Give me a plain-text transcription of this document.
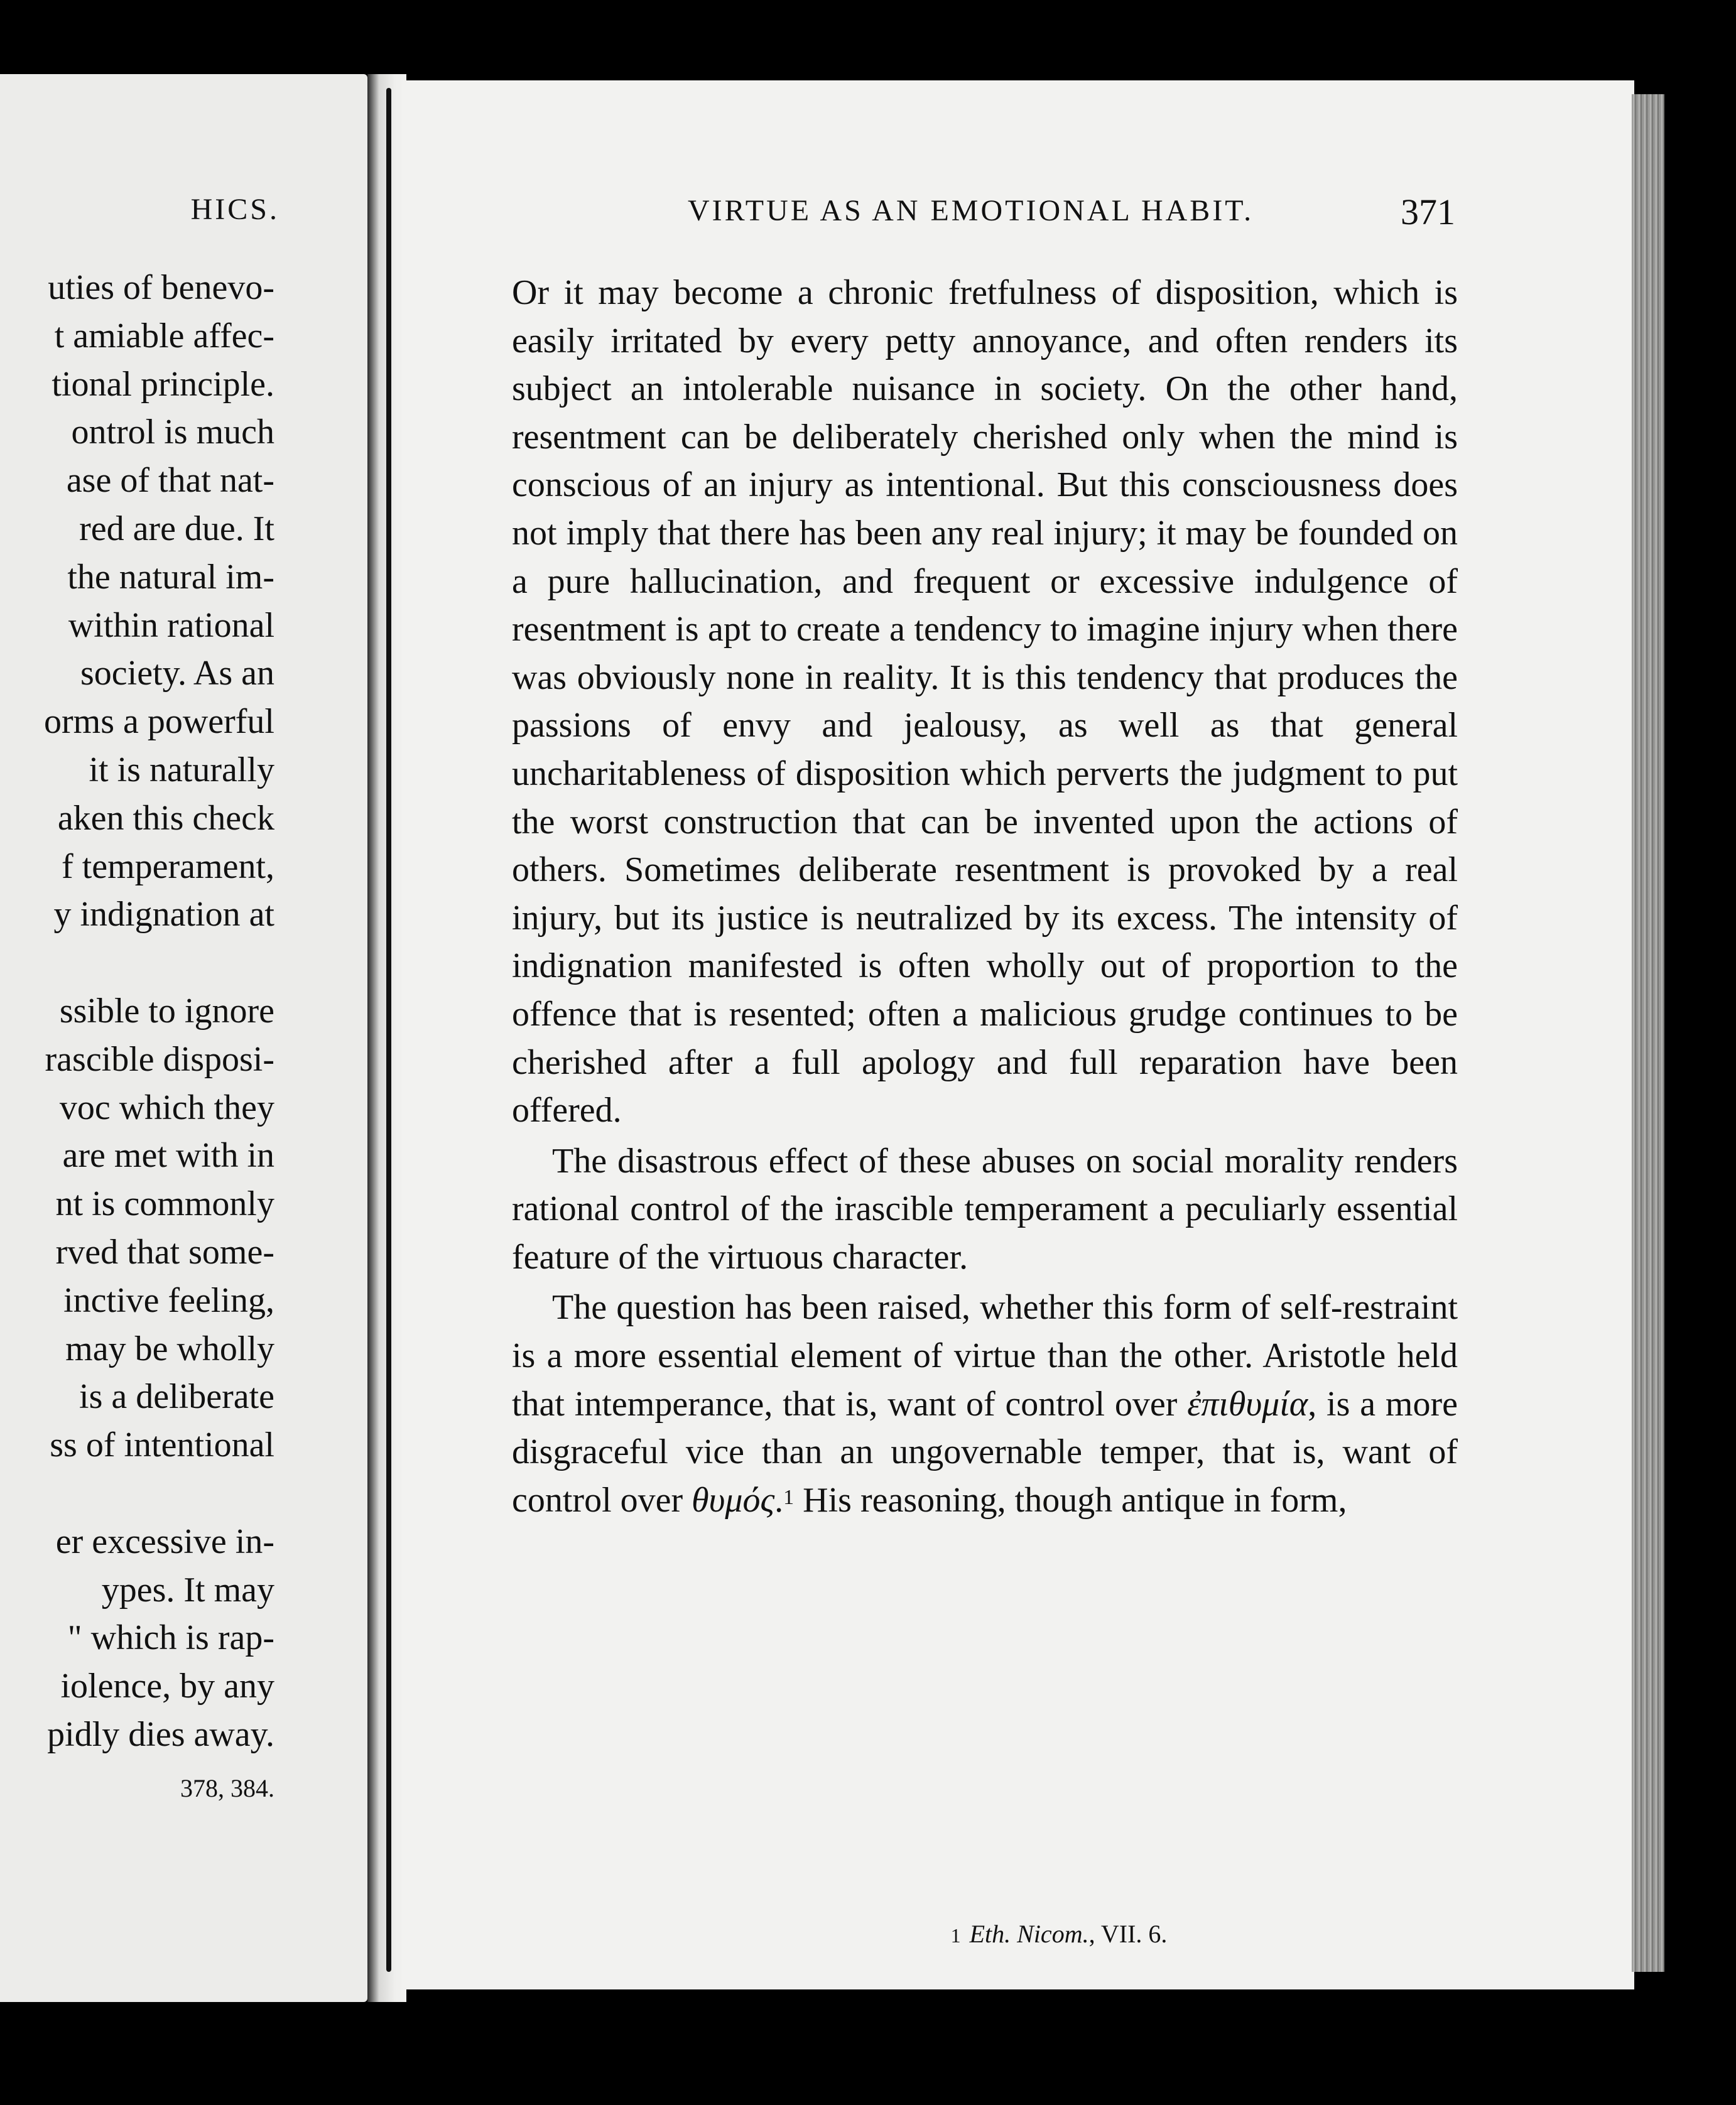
HICS.
uties of benevo-
t amiable affec-
tional principle.
ontrol is much
ase of that nat-
red are due. It
the natural im-
within rational
society. As an
orms a powerful
it is naturally
aken this check
f temperament,
y indignation at
ssible to ignore
rascible disposi-
voc which they
are met with in
nt is commonly
rved that some-
inctive feeling,
may be wholly
is a deliberate
ss of intentional
er excessive in-
ypes. It may
" which is rap-
iolence, by any
pidly dies away.
378, 384.
VIRTUE AS AN EMOTIONAL HABIT.	371

Or it may become a chronic fretfulness of disposition, which is easily irritated by every petty annoyance, and often renders its subject an intolerable nuisance in society. On the other hand, resentment can be deliberately cherished only when the mind is conscious of an injury as intentional. But this consciousness does not imply that there has been any real injury; it may be founded on a pure hallucination, and frequent or excessive indulgence of resentment is apt to create a tendency to imagine injury when there was obviously none in reality. It is this tendency that produces the passions of envy and jealousy, as well as that general uncharitableness of disposition which perverts the judgment to put the worst construction that can be invented upon the actions of others. Sometimes deliberate resentment is provoked by a real injury, but its justice is neutralized by its excess. The intensity of indignation manifested is often wholly out of proportion to the offence that is resented; often a malicious grudge continues to be cherished after a full apology and full reparation have been offered.

The disastrous effect of these abuses on social morality renders rational control of the irascible temperament a peculiarly essential feature of the virtuous character.

The question has been raised, whether this form of self-restraint is a more essential element of virtue than the other. Aristotle held that intemperance, that is, want of control over ἐπιθυμία, is a more disgraceful vice than an ungovernable temper, that is, want of control over θυμός.$^1$ His reasoning, though antique in form,

1 Eth. Nicom., VII. 6.
